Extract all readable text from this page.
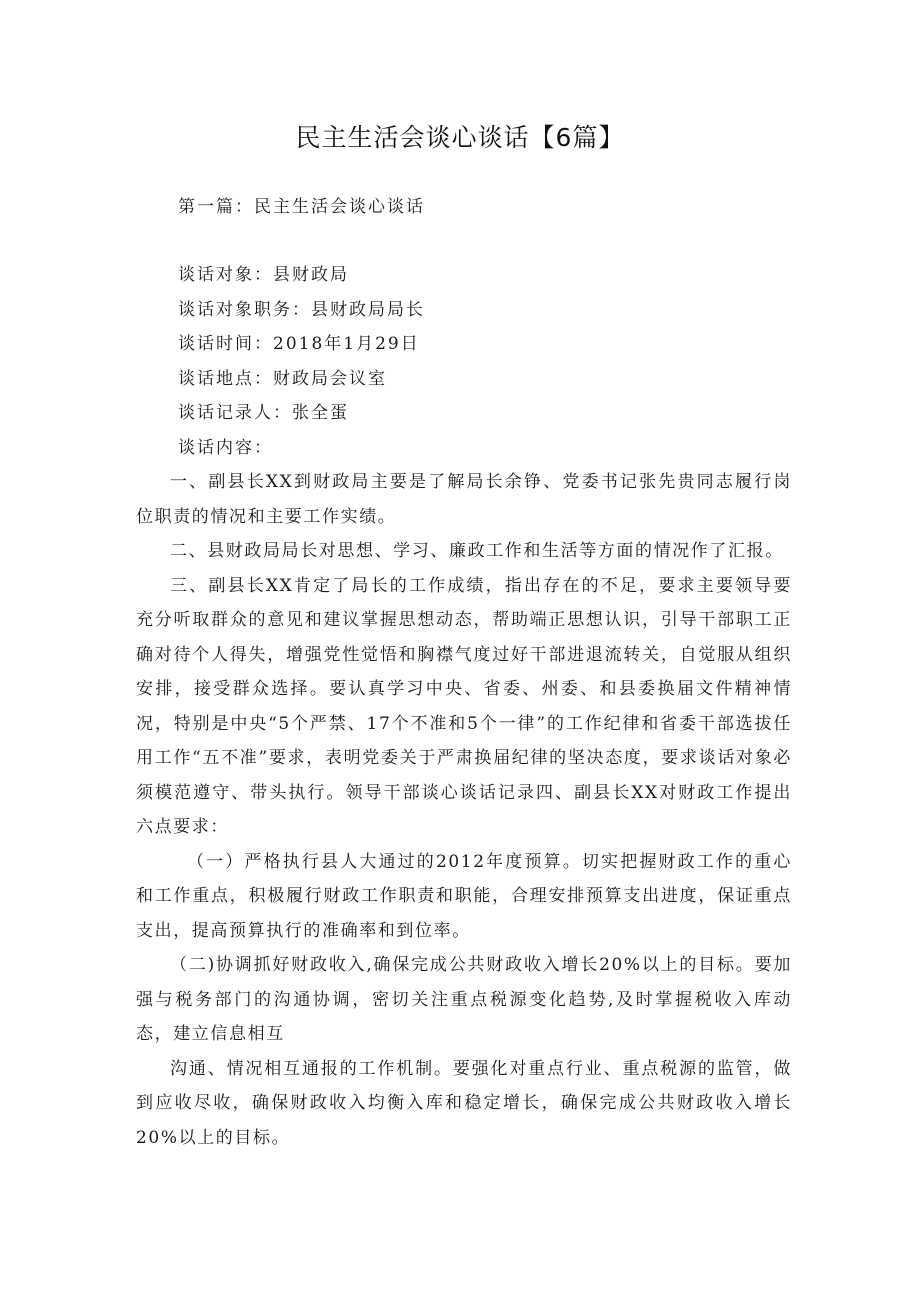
民主生活会谈心谈话【6篇】
第一篇：民主生活会谈心谈话
谈话对象：县财政局
谈话对象职务：县财政局局长
谈话时间：2018年1月29日
谈话地点：财政局会议室
谈话记录人：张全蛋
谈话内容：

一、副县长XX到财政局主要是了解局长余铮、党委书记张先贵同志履行岗位职责的情况和主要工作实绩。

二、县财政局局长对思想、学习、廉政工作和生活等方面的情况作了汇报。

三、副县长XX肯定了局长的工作成绩，指出存在的不足，要求主要领导要充分听取群众的意见和建议掌握思想动态，帮助端正思想认识，引导干部职工正确对待个人得失，增强党性觉悟和胸襟气度过好干部进退流转关，自觉服从组织安排，接受群众选择。要认真学习中央、省委、州委、和县委换届文件精神情况，特别是中央“5个严禁、17个不准和5个一律”的工作纪律和省委干部选拔任用工作“五不准”要求，表明党委关于严肃换届纪律的坚决态度，要求谈话对象必须模范遵守、带头执行。领导干部谈心谈话记录四、副县长XX对财政工作提出六点要求：

（一）严格执行县人大通过的2012年度预算。切实把握财政工作的重心和工作重点，积极履行财政工作职责和职能，合理安排预算支出进度，保证重点支出，提高预算执行的准确率和到位率。

（二)协调抓好财政收入,确保完成公共财政收入增长20%以上的目标。要加强与税务部门的沟通协调，密切关注重点税源变化趋势,及时掌握税收入库动态，建立信息相互

沟通、情况相互通报的工作机制。要强化对重点行业、重点税源的监管，做到应收尽收，确保财政收入均衡入库和稳定增长，确保完成公共财政收入增长20%以上的目标。
